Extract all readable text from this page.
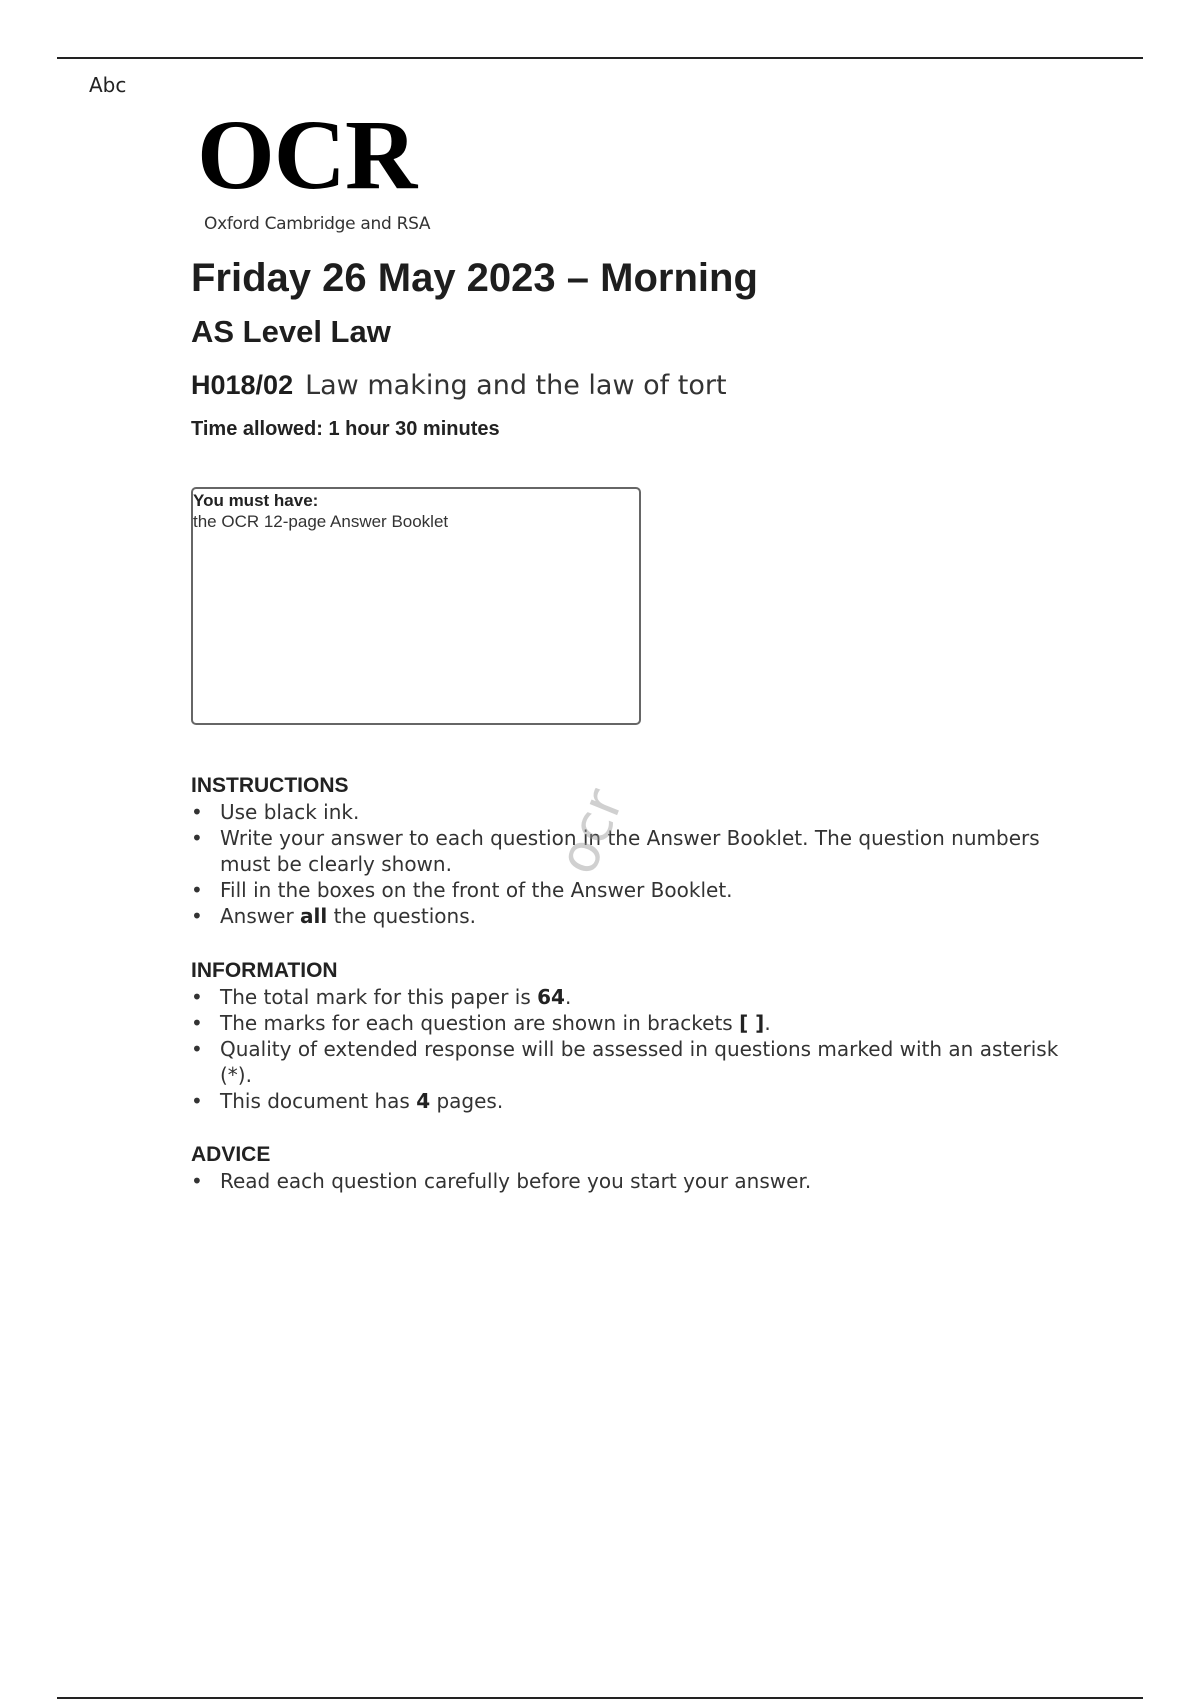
Abc
OCR
Oxford Cambridge and RSA
Friday 26 May 2023 – Morning
AS Level Law
H018/02 Law making and the law of tort
Time allowed: 1 hour 30 minutes
You must have:
the OCR 12-page Answer Booklet
INSTRUCTIONS
• Use black ink.
• Write your answer to each question in the Answer Booklet. The question numbers must be clearly shown.
• Fill in the boxes on the front of the Answer Booklet.
• Answer all the questions.
INFORMATION
• The total mark for this paper is 64.
• The marks for each question are shown in brackets [ ].
• Quality of extended response will be assessed in questions marked with an asterisk (*).
• This document has 4 pages.
ADVICE
• Read each question carefully before you start your answer.
ocr
